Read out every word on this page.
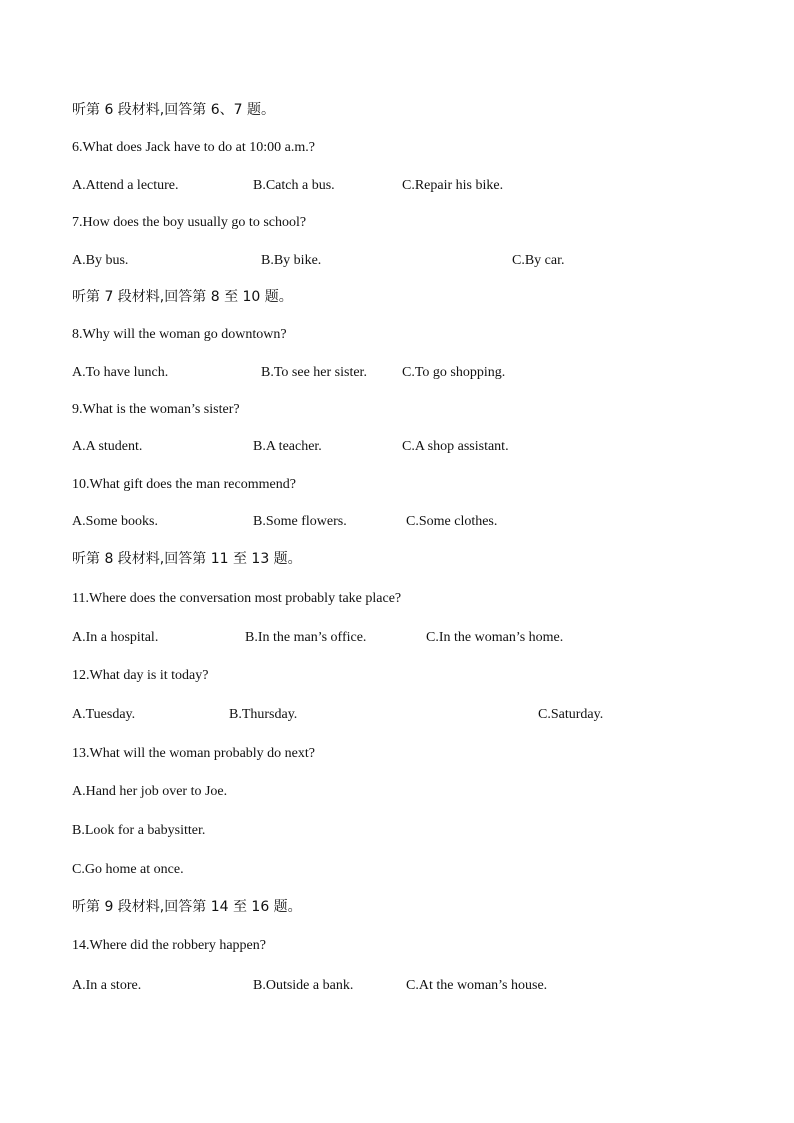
听第 6 段材料,回答第 6、7 题。
6.What does Jack have to do at 10:00 a.m.?
A.Attend a lecture.	B.Catch a bus.	C.Repair his bike.
7.How does the boy usually go to school?
A.By bus.	B.By bike.	C.By car.
听第 7 段材料,回答第 8 至 10 题。
8.Why will the woman go downtown?
A.To have lunch.	B.To see her sister.	C.To go shopping.
9.What is the woman’s sister?
A.A student.	B.A teacher.	C.A shop assistant.
10.What gift does the man recommend?
A.Some books.	B.Some flowers.	C.Some clothes.
听第 8 段材料,回答第 11 至 13 题。
11.Where does the conversation most probably take place?
A.In a hospital.	B.In the man’s office.	C.In the woman’s home.
12.What day is it today?
A.Tuesday.	B.Thursday.	C.Saturday.
13.What will the woman probably do next?
A.Hand her job over to Joe.
B.Look for a babysitter.
C.Go home at once.
听第 9 段材料,回答第 14 至 16 题。
14.Where did the robbery happen?
A.In a store.	B.Outside a bank.	C.At the woman’s house.
